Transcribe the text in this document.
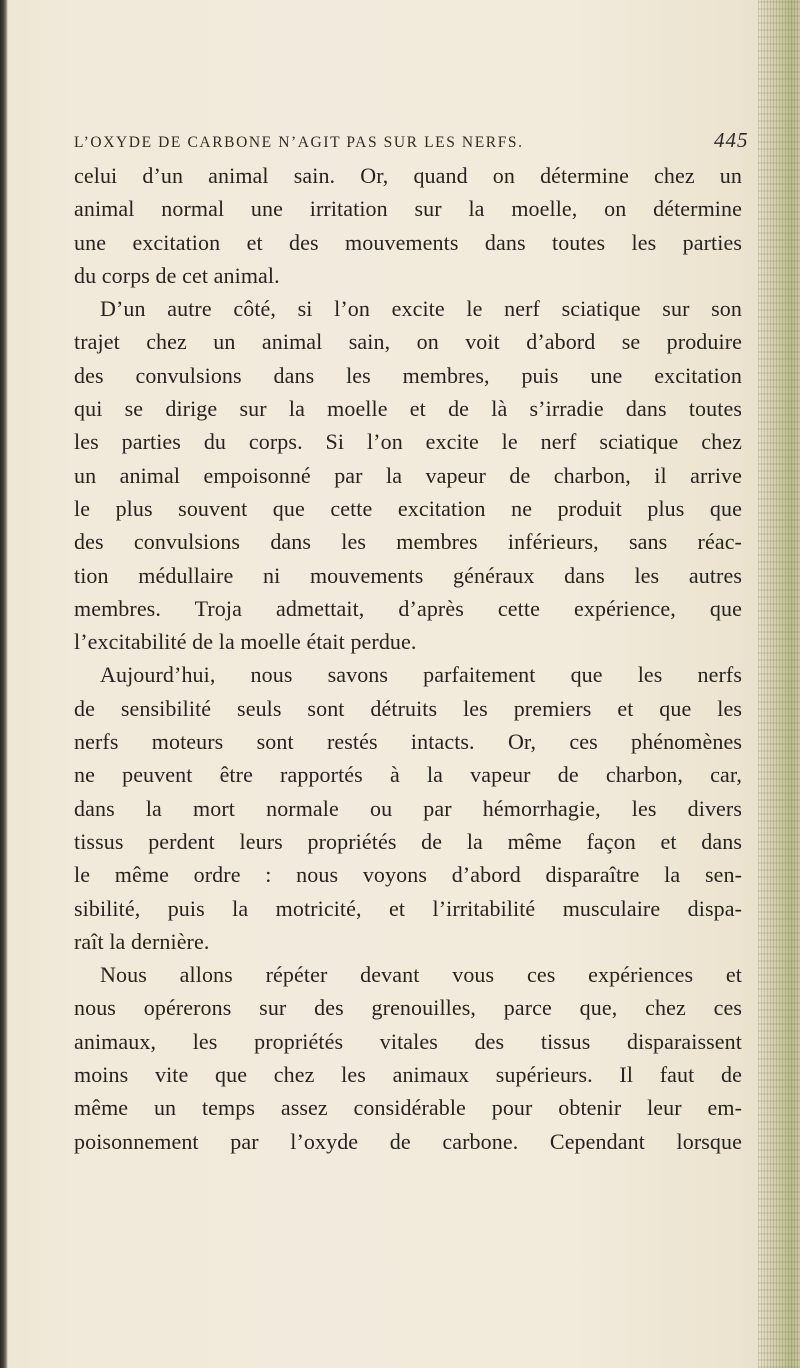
L’OXYDE DE CARBONE N’AGIT PAS SUR LES NERFS.	445
celui d’un animal sain. Or, quand on détermine chez un
animal normal une irritation sur la moelle, on détermine
une excitation et des mouvements dans toutes les parties
du corps de cet animal.
D’un autre côté, si l’on excite le nerf sciatique sur son
trajet chez un animal sain, on voit d’abord se produire
des convulsions dans les membres, puis une excitation
qui se dirige sur la moelle et de là s’irradie dans toutes
les parties du corps. Si l’on excite le nerf sciatique chez
un animal empoisonné par la vapeur de charbon, il arrive
le plus souvent que cette excitation ne produit plus que
des convulsions dans les membres inférieurs, sans réac-
tion médullaire ni mouvements généraux dans les autres
membres. Troja admettait, d’après cette expérience, que
l’excitabilité de la moelle était perdue.
Aujourd’hui, nous savons parfaitement que les nerfs
de sensibilité seuls sont détruits les premiers et que les
nerfs moteurs sont restés intacts. Or, ces phénomènes
ne peuvent être rapportés à la vapeur de charbon, car,
dans la mort normale ou par hémorrhagie, les divers
tissus perdent leurs propriétés de la même façon et dans
le même ordre : nous voyons d’abord disparaître la sen-
sibilité, puis la motricité, et l’irritabilité musculaire dispa-
raît la dernière.
Nous allons répéter devant vous ces expériences et
nous opérerons sur des grenouilles, parce que, chez ces
animaux, les propriétés vitales des tissus disparaissent
moins vite que chez les animaux supérieurs. Il faut de
même un temps assez considérable pour obtenir leur em-
poisonnement par l’oxyde de carbone. Cependant lorsque
